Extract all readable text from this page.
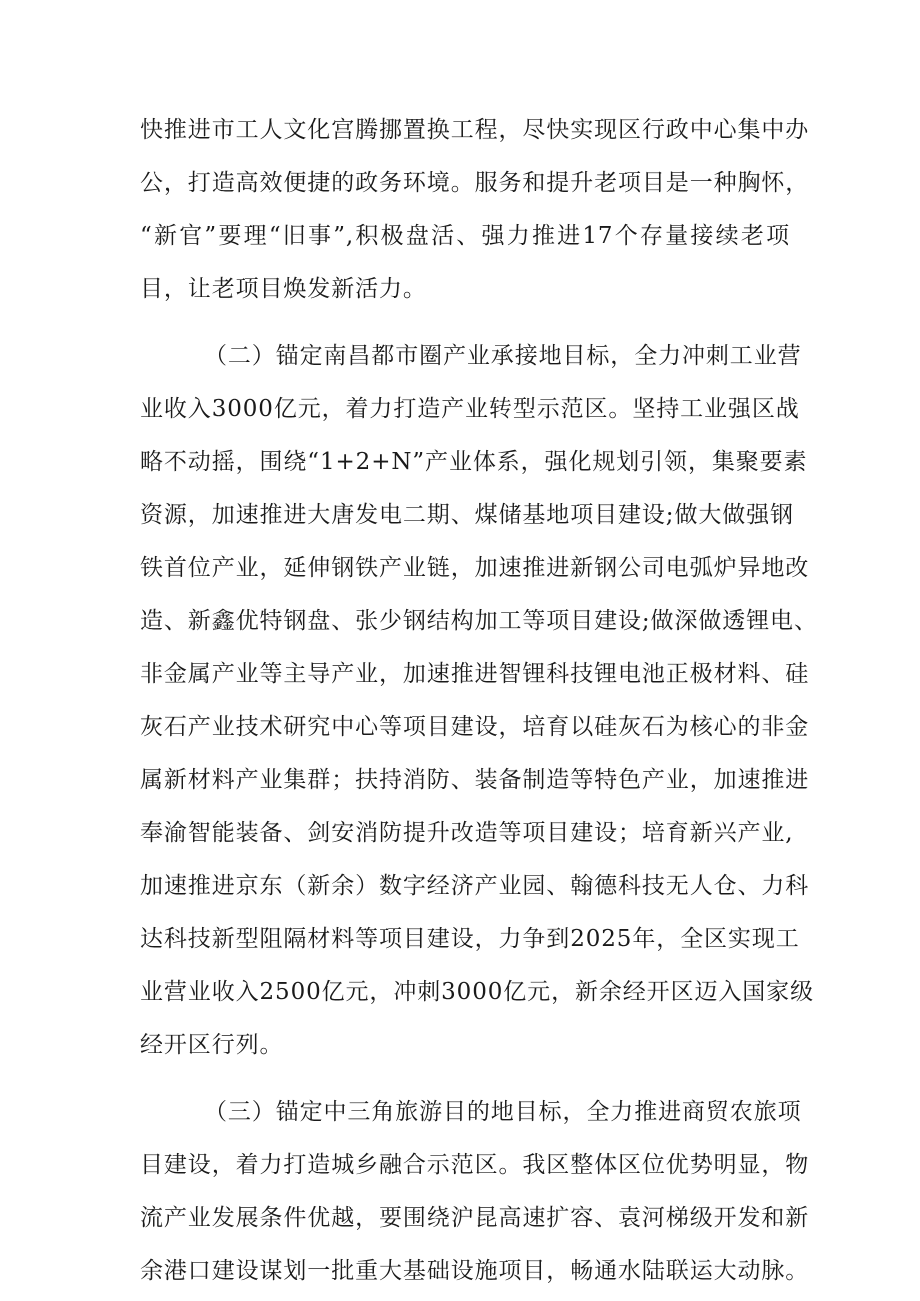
快推进市工人文化宫腾挪置换工程，尽快实现区行政中心集中办
公，打造高效便捷的政务环境。服务和提升老项目是一种胸怀，
“新官”要理“旧事”,积极盘活、强力推进17个存量接续老项
目，让老项目焕发新活力。
（二）锚定南昌都市圈产业承接地目标，全力冲刺工业营
业收入3000亿元，着力打造产业转型示范区。坚持工业强区战
略不动摇，围绕“1+2+N”产业体系，强化规划引领，集聚要素
资源，加速推进大唐发电二期、煤储基地项目建设;做大做强钢
铁首位产业，延伸钢铁产业链，加速推进新钢公司电弧炉异地改
造、新鑫优特钢盘、张少钢结构加工等项目建设;做深做透锂电、
非金属产业等主导产业，加速推进智锂科技锂电池正极材料、硅
灰石产业技术研究中心等项目建设，培育以硅灰石为核心的非金
属新材料产业集群；扶持消防、装备制造等特色产业，加速推进
奉渝智能装备、剑安消防提升改造等项目建设；培育新兴产业,
加速推进京东（新余）数字经济产业园、翰德科技无人仓、力科
达科技新型阻隔材料等项目建设，力争到2025年，全区实现工
业营业收入2500亿元，冲刺3000亿元，新余经开区迈入国家级
经开区行列。
（三）锚定中三角旅游目的地目标，全力推进商贸农旅项
目建设，着力打造城乡融合示范区。我区整体区位优势明显，物
流产业发展条件优越，要围绕沪昆高速扩容、袁河梯级开发和新
余港口建设谋划一批重大基础设施项目，畅通水陆联运大动脉。
